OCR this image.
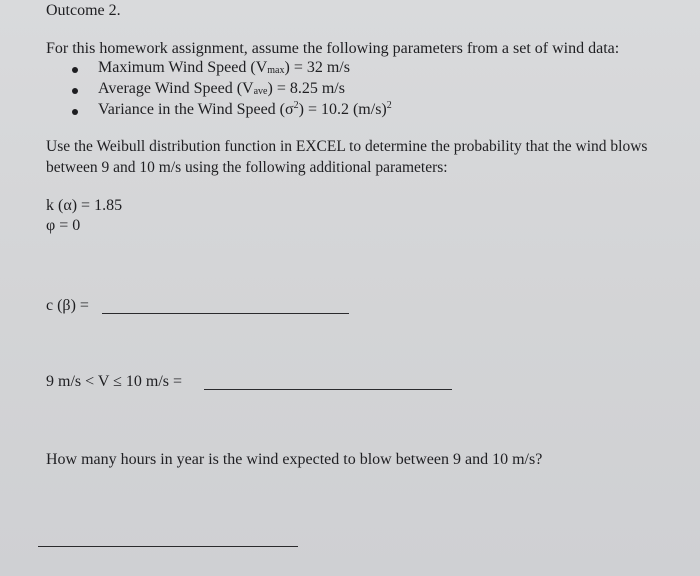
Outcome 2.
For this homework assignment, assume the following parameters from a set of wind data:
Maximum Wind Speed $(V_{max}) = 32$ m/s
Average Wind Speed $(V_{ave}) = 8.25$ m/s
Variance in the Wind Speed $(\sigma^2) = 10.2$ $(m/s)^2$
Use the Weibull distribution function in EXCEL to determine the probability that the wind blows
between 9 and 10 m/s using the following additional parameters:
k (α) = 1.85
φ = 0
c (β) =
9 m/s < V ≤ 10 m/s =
How many hours in year is the wind expected to blow between 9 and 10 m/s?
